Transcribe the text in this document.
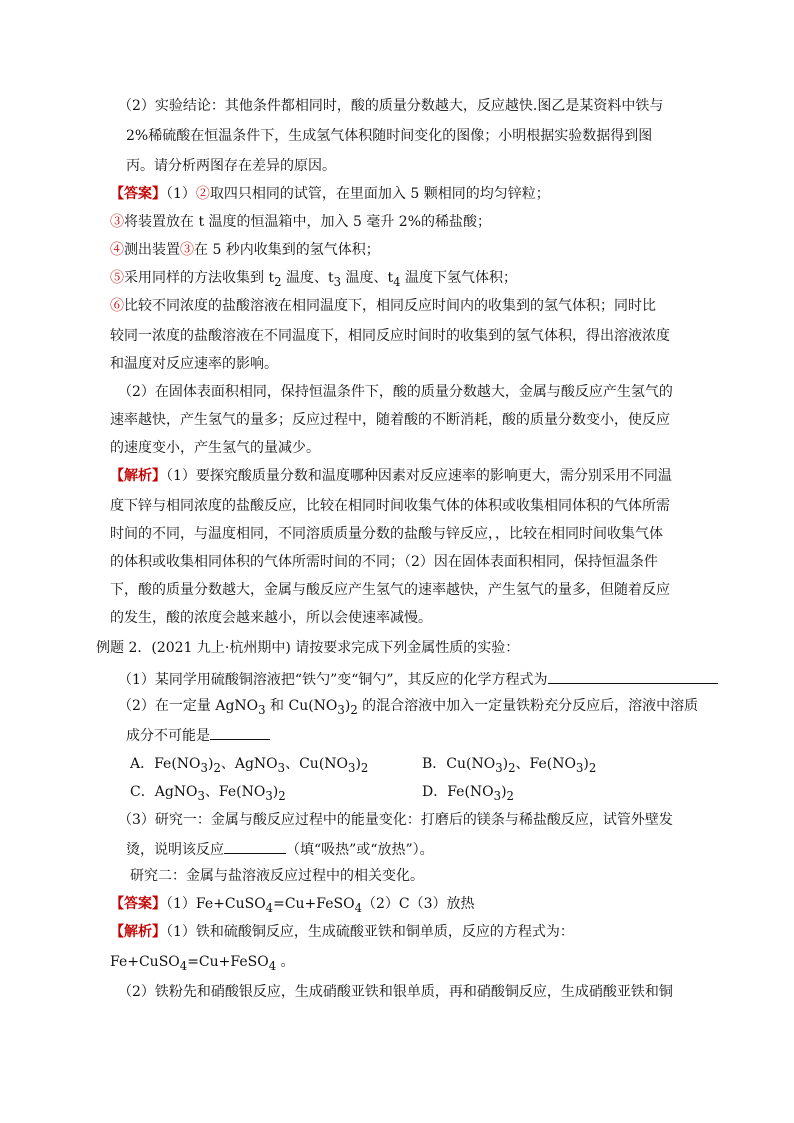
（2）实验结论：其他条件都相同时，酸的质量分数越大，反应越快.图乙是某资料中铁与
2%稀硫酸在恒温条件下，生成氢气体积随时间变化的图像；小明根据实验数据得到图
丙。请分析两图存在差异的原因。
【答案】（1）②取四只相同的试管，在里面加入 5 颗相同的均匀锌粒；
③将装置放在 t 温度的恒温箱中，加入 5 毫升 2%的稀盐酸；
④测出装置③在 5 秒内收集到的氢气体积；
⑤采用同样的方法收集到 $t_2$ 温度、$t_3$ 温度、$t_4$ 温度下氢气体积；
⑥比较不同浓度的盐酸溶液在相同温度下，相同反应时间内的收集到的氢气体积；同时比
较同一浓度的盐酸溶液在不同温度下，相同反应时间时的收集到的氢气体积，得出溶液浓度
和温度对反应速率的影响。
（2）在固体表面积相同，保持恒温条件下，酸的质量分数越大，金属与酸反应产生氢气的
速率越快，产生氢气的量多；反应过程中，随着酸的不断消耗，酸的质量分数变小，使反应
的速度变小，产生氢气的量减少。
【解析】（1）要探究酸质量分数和温度哪种因素对反应速率的影响更大，需分别采用不同温
度下锌与相同浓度的盐酸反应，比较在相同时间收集气体的体积或收集相同体积的气体所需
时间的不同，与温度相同，不同溶质质量分数的盐酸与锌反应，，比较在相同时间收集气体
的体积或收集相同体积的气体所需时间的不同；（2）因在固体表面积相同，保持恒温条件
下，酸的质量分数越大，金属与酸反应产生氢气的速率越快，产生氢气的量多，但随着反应
的发生，酸的浓度会越来越小，所以会使速率减慢。
例题 2．(2021 九上·杭州期中) 请按要求完成下列金属性质的实验：
（1）某同学用硫酸铜溶液把“铁勺”变“铜勺”，其反应的化学方程式为
（2）在一定量 AgNO$_3$ 和 $Cu(NO_3)_2$ 的混合溶液中加入一定量铁粉充分反应后，溶液中溶质
成分不可能是
A．$Fe(NO_3)_2$、AgNO$_3$、$Cu(NO_3)_2$	B．$Cu(NO_3)_2$、$Fe(NO_3)_2$
C．AgNO$_3$、$Fe(NO_3)_2$	D．$Fe(NO_3)_2$
（3）研究一：金属与酸反应过程中的能量变化：打磨后的镁条与稀盐酸反应，试管外壁发
烫，说明该反应	（填“吸热”或“放热”）。
研究二：金属与盐溶液反应过程中的相关变化。
【答案】（1）Fe+CuSO$_4$=Cu+FeSO$_4$（2）C（3）放热
【解析】（1）铁和硫酸铜反应，生成硫酸亚铁和铜单质，反应的方程式为：
Fe+CuSO$_4$=Cu+FeSO$_4$ 。
（2）铁粉先和硝酸银反应，生成硝酸亚铁和银单质，再和硝酸铜反应，生成硝酸亚铁和铜
